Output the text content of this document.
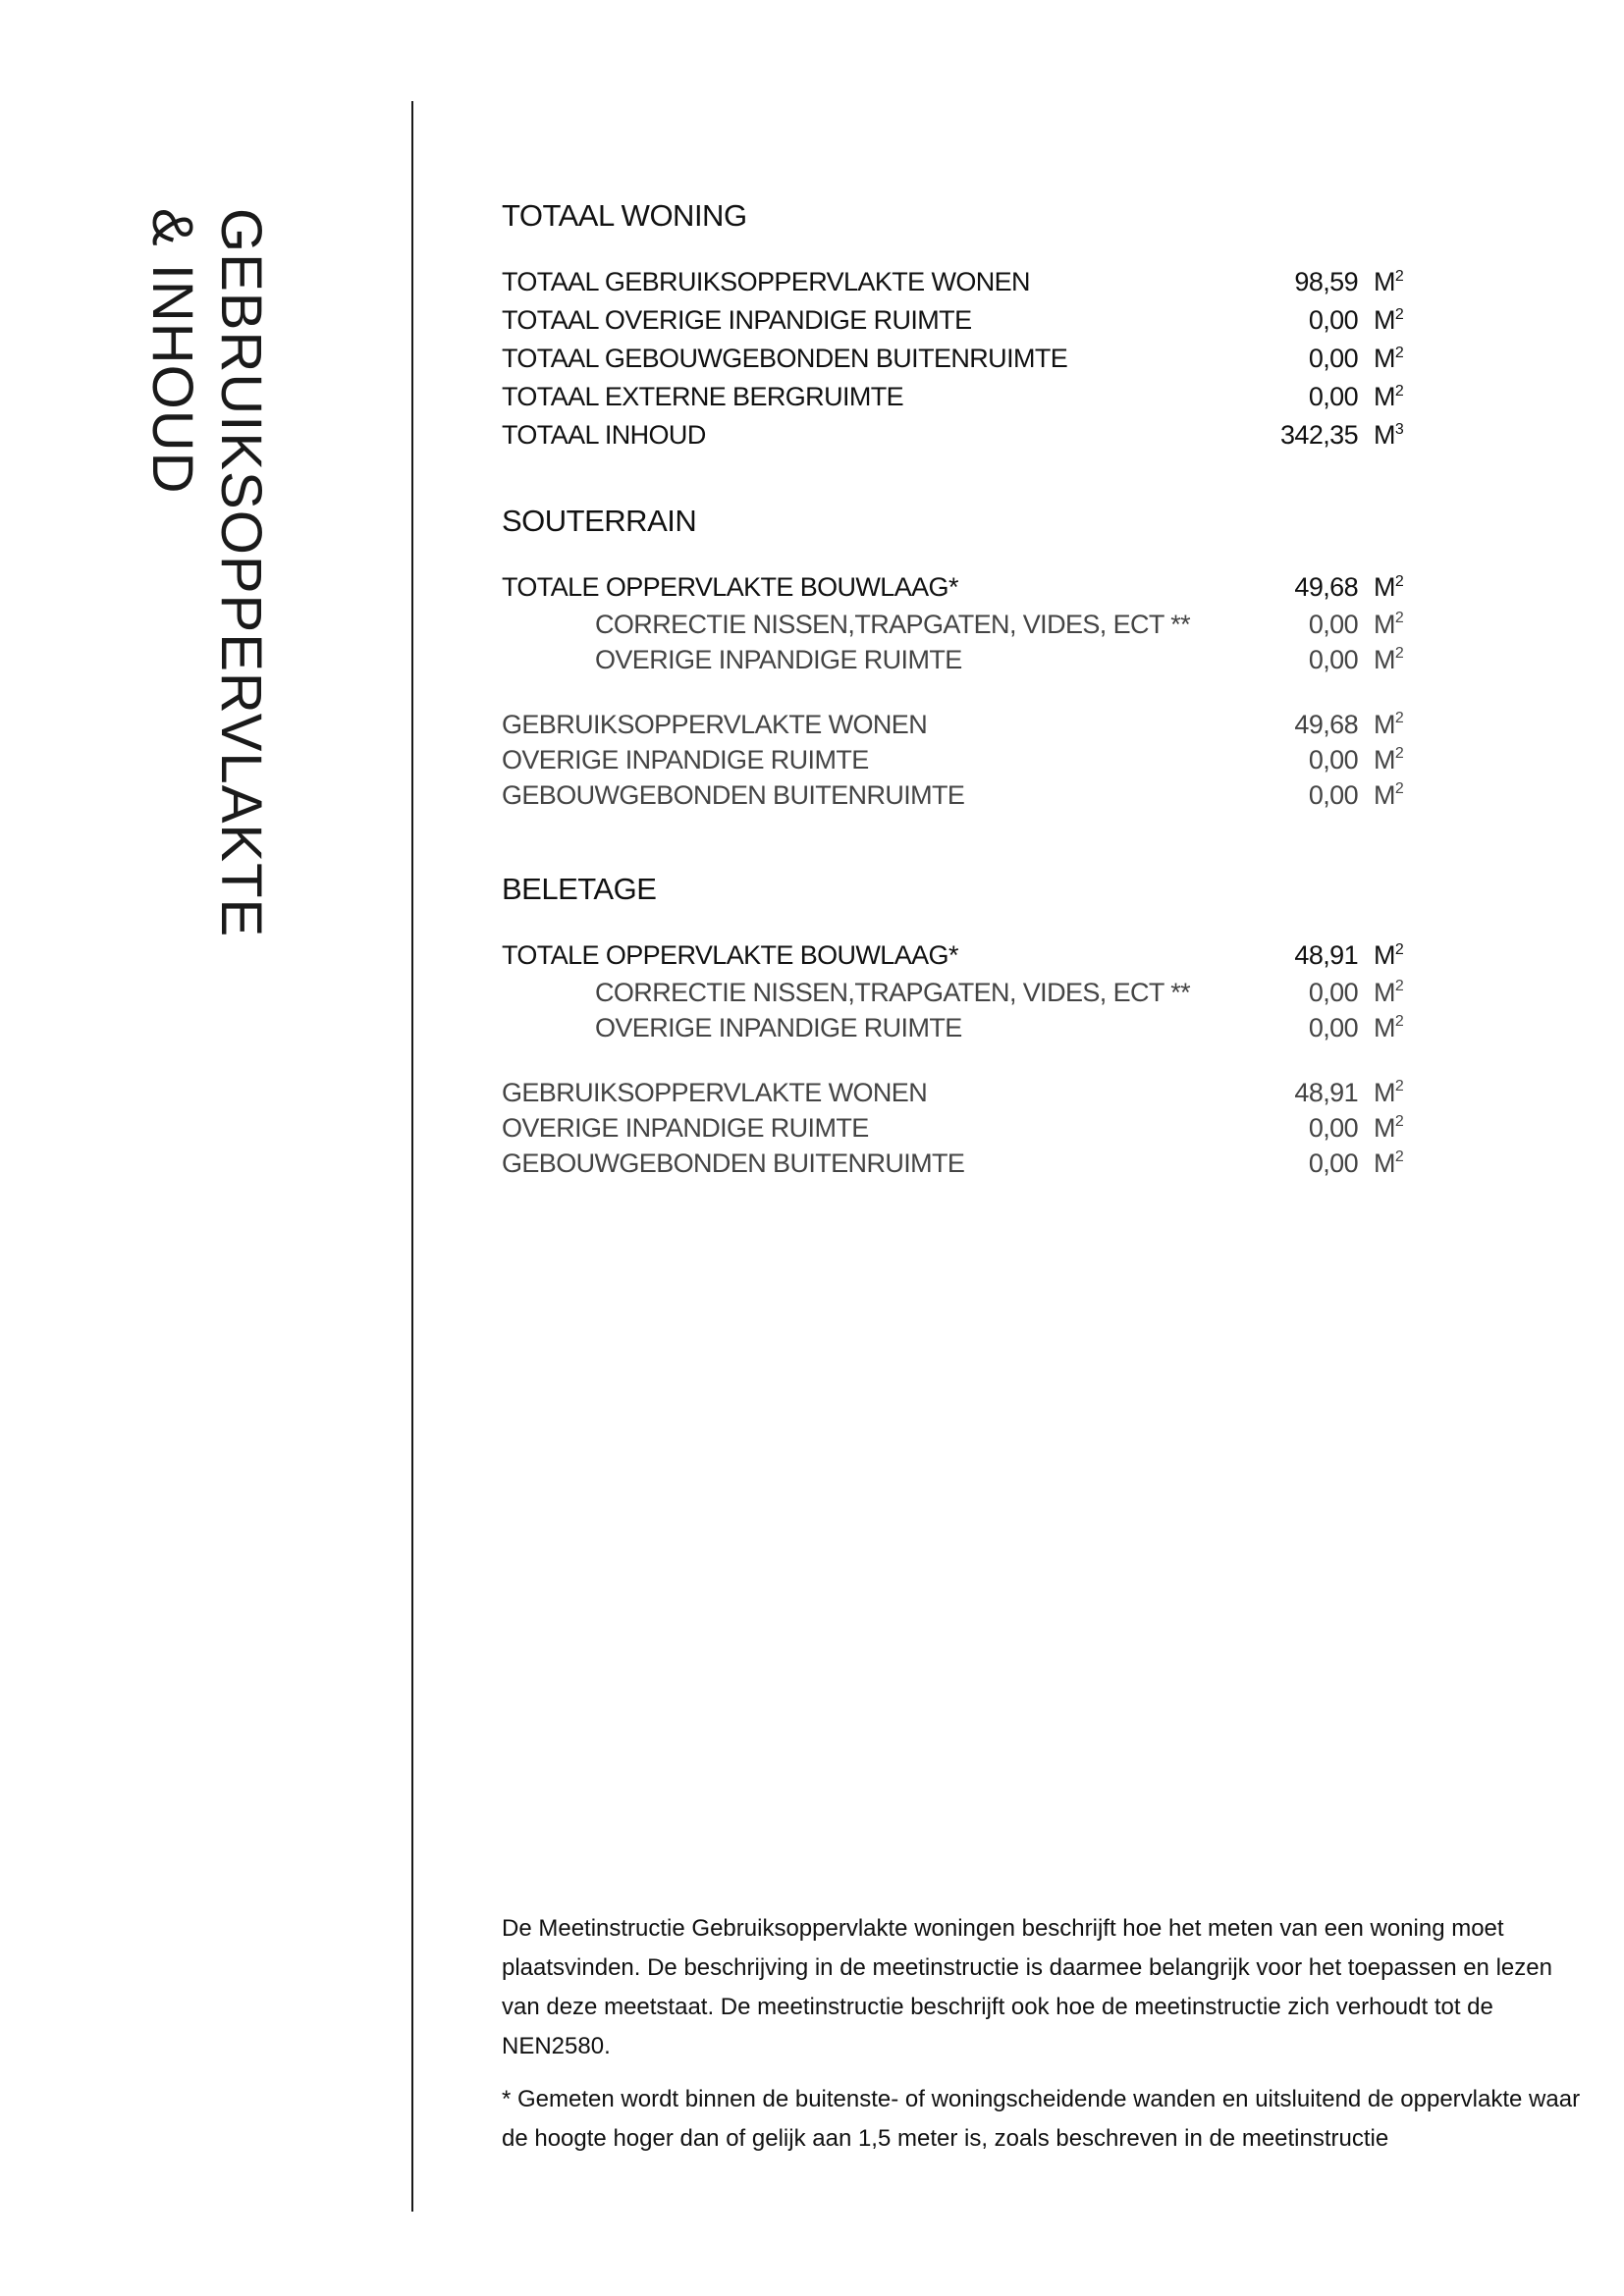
GEBRUIKSOPPERVLAKTE
& INHOUD	TOTAAL WONING
TOTAAL GEBRUIKSOPPERVLAKTE WONEN	98,59 $M^2$
TOTAAL OVERIGE INPANDIGE RUIMTE	0,00 $M^2$
TOTAAL GEBOUWGEBONDEN BUITENRUIMTE	0,00 $M^2$
TOTAAL EXTERNE BERGRUIMTE	0,00 $M^2$
TOTAAL INHOUD	342,35 $M^3$
SOUTERRAIN
TOTALE OPPERVLAKTE BOUWLAAG*	49,68 $M^2$
CORRECTIE NISSEN,TRAPGATEN, VIDES, ECT **	0,00 $M^2$
OVERIGE INPANDIGE RUIMTE	0,00 $M^2$
GEBRUIKSOPPERVLAKTE WONEN	49,68 $M^2$
OVERIGE INPANDIGE RUIMTE	0,00 $M^2$
GEBOUWGEBONDEN BUITENRUIMTE	0,00 $M^2$
BELETAGE
TOTALE OPPERVLAKTE BOUWLAAG*	48,91 $M^2$
CORRECTIE NISSEN,TRAPGATEN, VIDES, ECT **	0,00 $M^2$
OVERIGE INPANDIGE RUIMTE	0,00 $M^2$
GEBRUIKSOPPERVLAKTE WONEN	48,91 $M^2$
OVERIGE INPANDIGE RUIMTE	0,00 $M^2$
GEBOUWGEBONDEN BUITENRUIMTE	0,00 $M^2$

De Meetinstructie Gebruiksoppervlakte woningen beschrijft hoe het meten van een woning moet plaatsvinden. De beschrijving in de meetinstructie is daarmee belangrijk voor het toepassen en lezen van deze meetstaat. De meetinstructie beschrijft ook hoe de meetinstructie zich verhoudt tot de NEN2580.

* Gemeten wordt binnen de buitenste- of woningscheidende wanden en uitsluitend de oppervlakte waar de hoogte hoger dan of gelijk aan 1,5 meter is, zoals beschreven in de meetinstructie
